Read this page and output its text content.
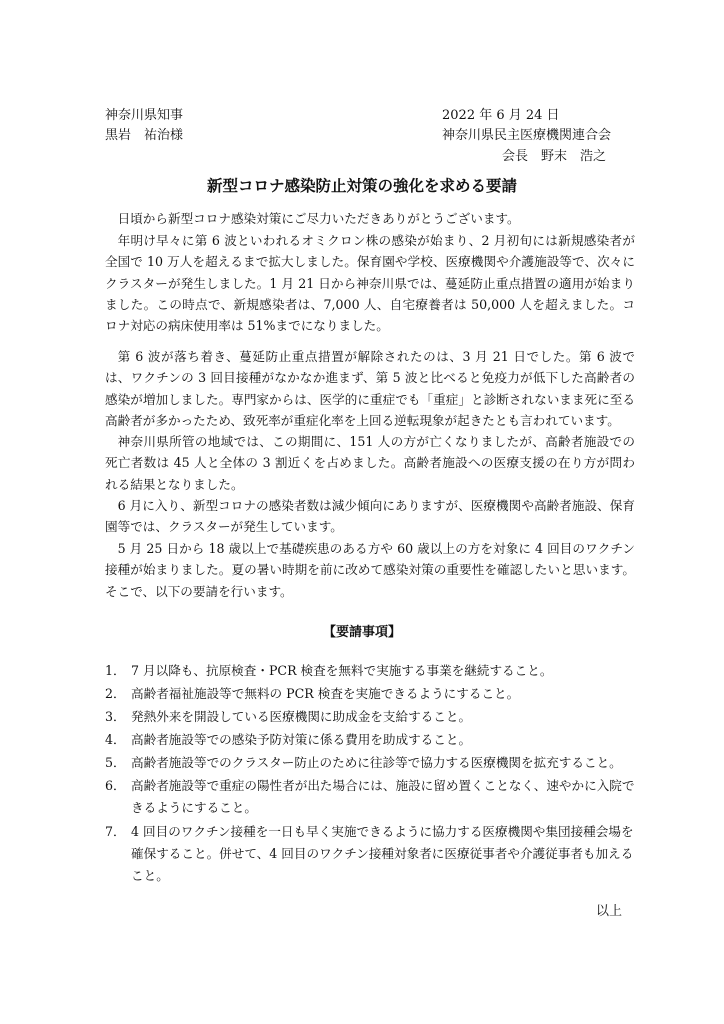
神奈川県知事
黒岩　祐治様
2022 年 6 月 24 日
神奈川県民主医療機関連合会
会長　野末　浩之
新型コロナ感染防止対策の強化を求める要請
日頃から新型コロナ感染対策にご尽力いただきありがとうございます。
年明け早々に第 6 波といわれるオミクロン株の感染が始まり、2 月初旬には新規感染者が全国で 10 万人を超えるまで拡大しました。保育園や学校、医療機関や介護施設等で、次々にクラスターが発生しました。1 月 21 日から神奈川県では、蔓延防止重点措置の適用が始まりました。この時点で、新規感染者は、7,000 人、自宅療養者は 50,000 人を超えました。コロナ対応の病床使用率は 51%までになりました。
第 6 波が落ち着き、蔓延防止重点措置が解除されたのは、3 月 21 日でした。第 6 波では、ワクチンの 3 回目接種がなかなか進まず、第 5 波と比べると免疫力が低下した高齢者の感染が増加しました。専門家からは、医学的に重症でも「重症」と診断されないまま死に至る高齢者が多かったため、致死率が重症化率を上回る逆転現象が起きたとも言われています。
神奈川県所管の地域では、この期間に、151 人の方が亡くなりましたが、高齢者施設での死亡者数は 45 人と全体の 3 割近くを占めました。高齢者施設への医療支援の在り方が問われる結果となりました。
6 月に入り、新型コロナの感染者数は減少傾向にありますが、医療機関や高齢者施設、保育園等では、クラスターが発生しています。
5 月 25 日から 18 歳以上で基礎疾患のある方や 60 歳以上の方を対象に 4 回目のワクチン接種が始まりました。夏の暑い時期を前に改めて感染対策の重要性を確認したいと思います。そこで、以下の要請を行います。
【要請事項】
1． 7 月以降も、抗原検査・PCR 検査を無料で実施する事業を継続すること。
2． 高齢者福祉施設等で無料の PCR 検査を実施できるようにすること。
3． 発熱外来を開設している医療機関に助成金を支給すること。
4． 高齢者施設等での感染予防対策に係る費用を助成すること。
5． 高齢者施設等でのクラスター防止のために往診等で協力する医療機関を拡充すること。
6． 高齢者施設等で重症の陽性者が出た場合には、施設に留め置くことなく、速やかに入院できるようにすること。
7． 4 回目のワクチン接種を一日も早く実施できるように協力する医療機関や集団接種会場を確保すること。併せて、4 回目のワクチン接種対象者に医療従事者や介護従事者も加えること。
以上
